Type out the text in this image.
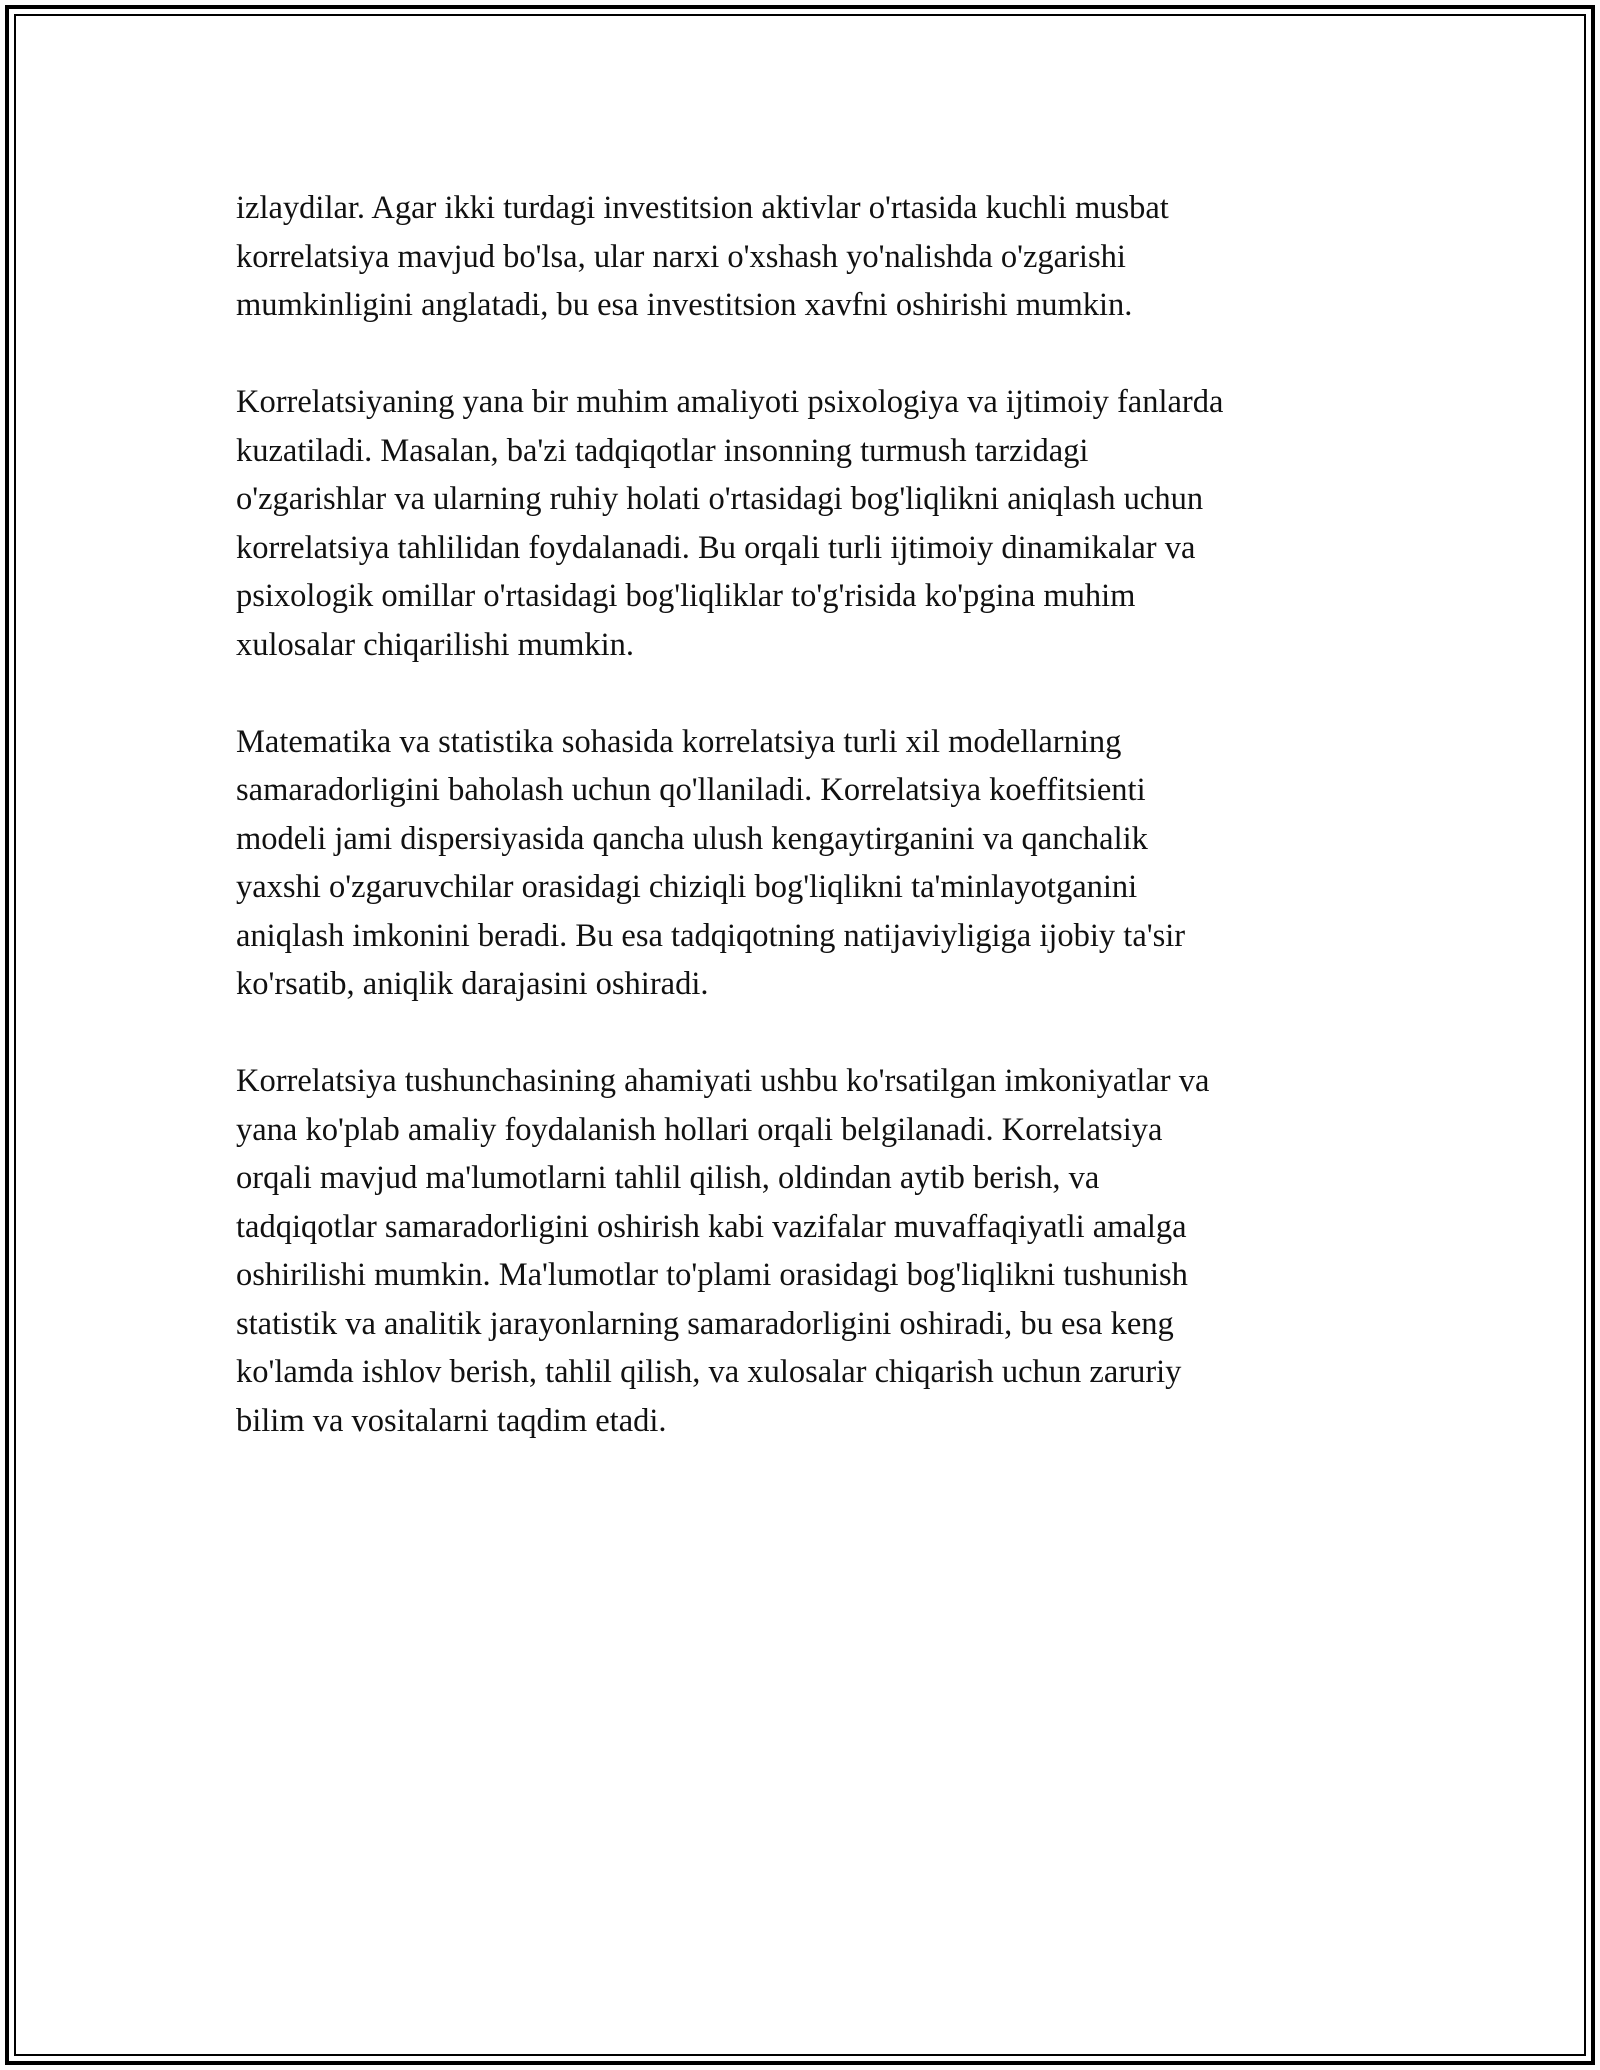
izlaydilar. Agar ikki turdagi investitsion aktivlar o'rtasida kuchli musbat
korrelatsiya mavjud bo'lsa, ular narxi o'xshash yo'nalishda o'zgarishi
mumkinligini anglatadi, bu esa investitsion xavfni oshirishi mumkin.

Korrelatsiyaning yana bir muhim amaliyoti psixologiya va ijtimoiy fanlarda
kuzatiladi. Masalan, ba'zi tadqiqotlar insonning turmush tarzidagi
o'zgarishlar va ularning ruhiy holati o'rtasidagi bog'liqlikni aniqlash uchun
korrelatsiya tahlilidan foydalanadi. Bu orqali turli ijtimoiy dinamikalar va
psixologik omillar o'rtasidagi bog'liqliklar to'g'risida ko'pgina muhim
xulosalar chiqarilishi mumkin.

Matematika va statistika sohasida korrelatsiya turli xil modellarning
samaradorligini baholash uchun qo'llaniladi. Korrelatsiya koeffitsienti
modeli jami dispersiyasida qancha ulush kengaytirganini va qanchalik
yaxshi o'zgaruvchilar orasidagi chiziqli bog'liqlikni ta'minlayotganini
aniqlash imkonini beradi. Bu esa tadqiqotning natijaviyligiga ijobiy ta'sir
ko'rsatib, aniqlik darajasini oshiradi.

Korrelatsiya tushunchasining ahamiyati ushbu ko'rsatilgan imkoniyatlar va
yana ko'plab amaliy foydalanish hollari orqali belgilanadi. Korrelatsiya
orqali mavjud ma'lumotlarni tahlil qilish, oldindan aytib berish, va
tadqiqotlar samaradorligini oshirish kabi vazifalar muvaffaqiyatli amalga
oshirilishi mumkin. Ma'lumotlar to'plami orasidagi bog'liqlikni tushunish
statistik va analitik jarayonlarning samaradorligini oshiradi, bu esa keng
ko'lamda ishlov berish, tahlil qilish, va xulosalar chiqarish uchun zaruriy
bilim va vositalarni taqdim etadi.
